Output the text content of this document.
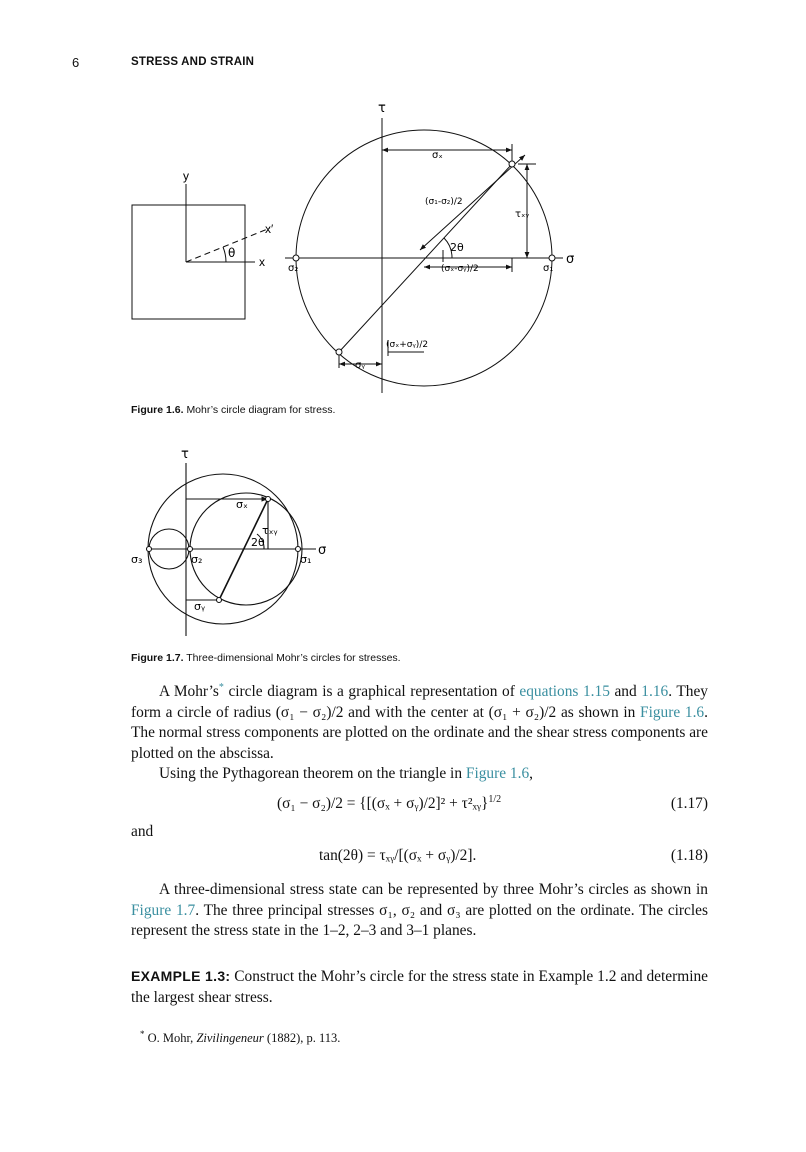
6	STRESS AND STRAIN
y
x
x′
θ
τ
σ
σₓ
(σ₁-σ₂)/2
τₓᵧ
2θ
(σₓ-σᵧ)/2
σ₂	σ₁
(σₓ+σᵧ)/2
σᵧ
τ
σ
σₓ
τₓᵧ
2θ
σ₃	σ₂	σ₁
σᵧ
Figure 1.6. Mohr’s circle diagram for stress.
Figure 1.7. Three-dimensional Mohr’s circles for stresses.
A Mohr’s* circle diagram is a graphical representation of equations 1.15 and 1.16. They form a circle of radius (σ₁ − σ₂)/2 and with the center at (σ₁ + σ₂)/2 as shown in Figure 1.6. The normal stress components are plotted on the ordinate and the shear stress components are plotted on the abscissa.
Using the Pythagorean theorem on the triangle in Figure 1.6,
(σ₁ − σ₂)/2 = {[(σₓ + σᵧ)/2]² + τ²ₓᵧ}$^{1/2}$	(1.17)
and
tan(2θ) = τₓᵧ/[(σₓ + σᵧ)/2].	(1.18)
A three-dimensional stress state can be represented by three Mohr’s circles as shown in Figure 1.7. The three principal stresses σ₁, σ₂ and σ₃ are plotted on the ordinate. The circles represent the stress state in the 1–2, 2–3 and 3–1 planes.
EXAMPLE 1.3: Construct the Mohr’s circle for the stress state in Example 1.2 and determine the largest shear stress.
* O. Mohr, Zivilingeneur (1882), p. 113.
